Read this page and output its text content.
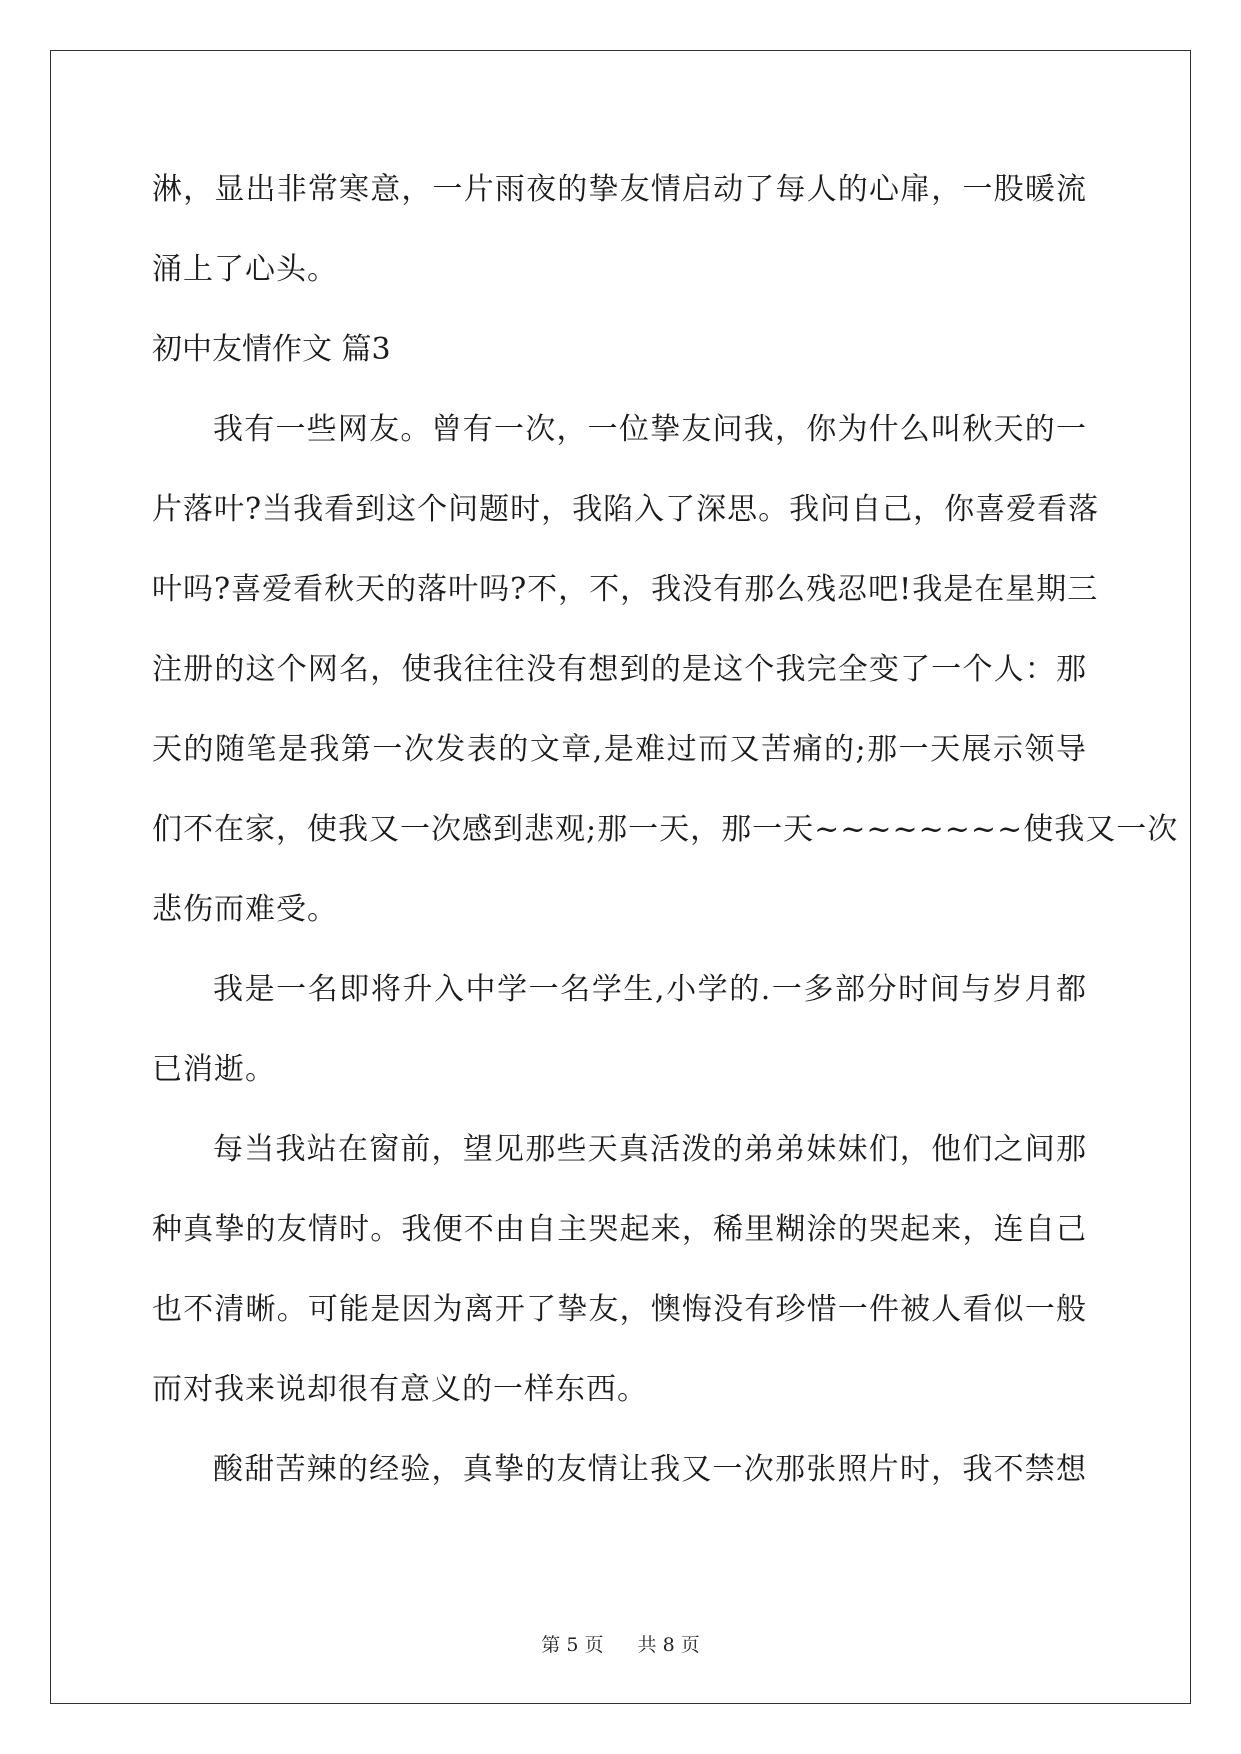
淋，显出非常寒意，一片雨夜的挚友情启动了每人的心扉，一股暖流
涌上了心头。
初中友情作文 篇3
我有一些网友。曾有一次，一位挚友问我，你为什么叫秋天的一
片落叶?当我看到这个问题时，我陷入了深思。我问自己，你喜爱看落
叶吗?喜爱看秋天的落叶吗?不，不，我没有那么残忍吧!我是在星期三
注册的这个网名，使我往往没有想到的是这个我完全变了一个人：那
天的随笔是我第一次发表的文章,是难过而又苦痛的;那一天展示领导
们不在家，使我又一次感到悲观;那一天，那一天~~~~~~~~使我又一次
悲伤而难受。
我是一名即将升入中学一名学生,小学的.一多部分时间与岁月都
已消逝。
每当我站在窗前，望见那些天真活泼的弟弟妹妹们，他们之间那
种真挚的友情时。我便不由自主哭起来，稀里糊涂的哭起来，连自己
也不清晰。可能是因为离开了挚友，懊悔没有珍惜一件被人看似一般
而对我来说却很有意义的一样东西。
酸甜苦辣的经验，真挚的友情让我又一次那张照片时，我不禁想
第 5 页 共 8 页
